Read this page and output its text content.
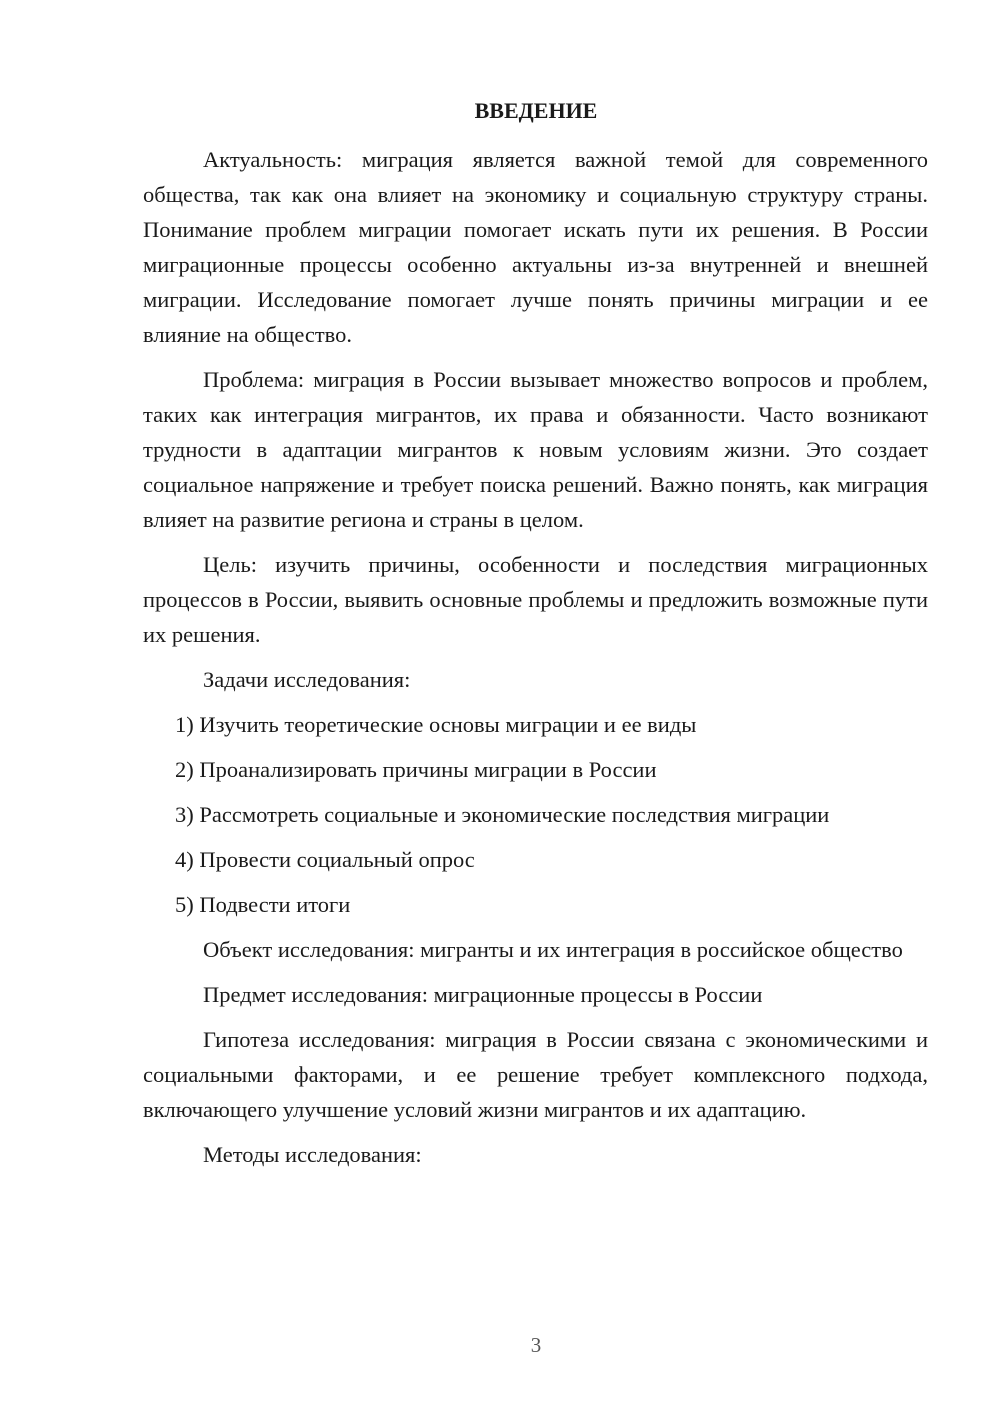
ВВЕДЕНИЕ

Актуальность: миграция является важной темой для современного общества, так как она влияет на экономику и социальную структуру страны. Понимание проблем миграции помогает искать пути их решения. В России миграционные процессы особенно актуальны из-за внутренней и внешней миграции. Исследование помогает лучше понять причины миграции и ее влияние на общество.

Проблема: миграция в России вызывает множество вопросов и проблем, таких как интеграция мигрантов, их права и обязанности. Часто возникают трудности в адаптации мигрантов к новым условиям жизни. Это создает социальное напряжение и требует поиска решений. Важно понять, как миграция влияет на развитие региона и страны в целом.

Цель: изучить причины, особенности и последствия миграционных процессов в России, выявить основные проблемы и предложить возможные пути их решения.

Задачи исследования:

1) Изучить теоретические основы миграции и ее виды
2) Проанализировать причины миграции в России
3) Рассмотреть социальные и экономические последствия миграции
4) Провести социальный опрос
5) Подвести итоги

Объект исследования: мигранты и их интеграция в российское общество

Предмет исследования: миграционные процессы в России

Гипотеза исследования: миграция в России связана с экономическими и социальными факторами, и ее решение требует комплексного подхода, включающего улучшение условий жизни мигрантов и их адаптацию.

Методы исследования:

3
